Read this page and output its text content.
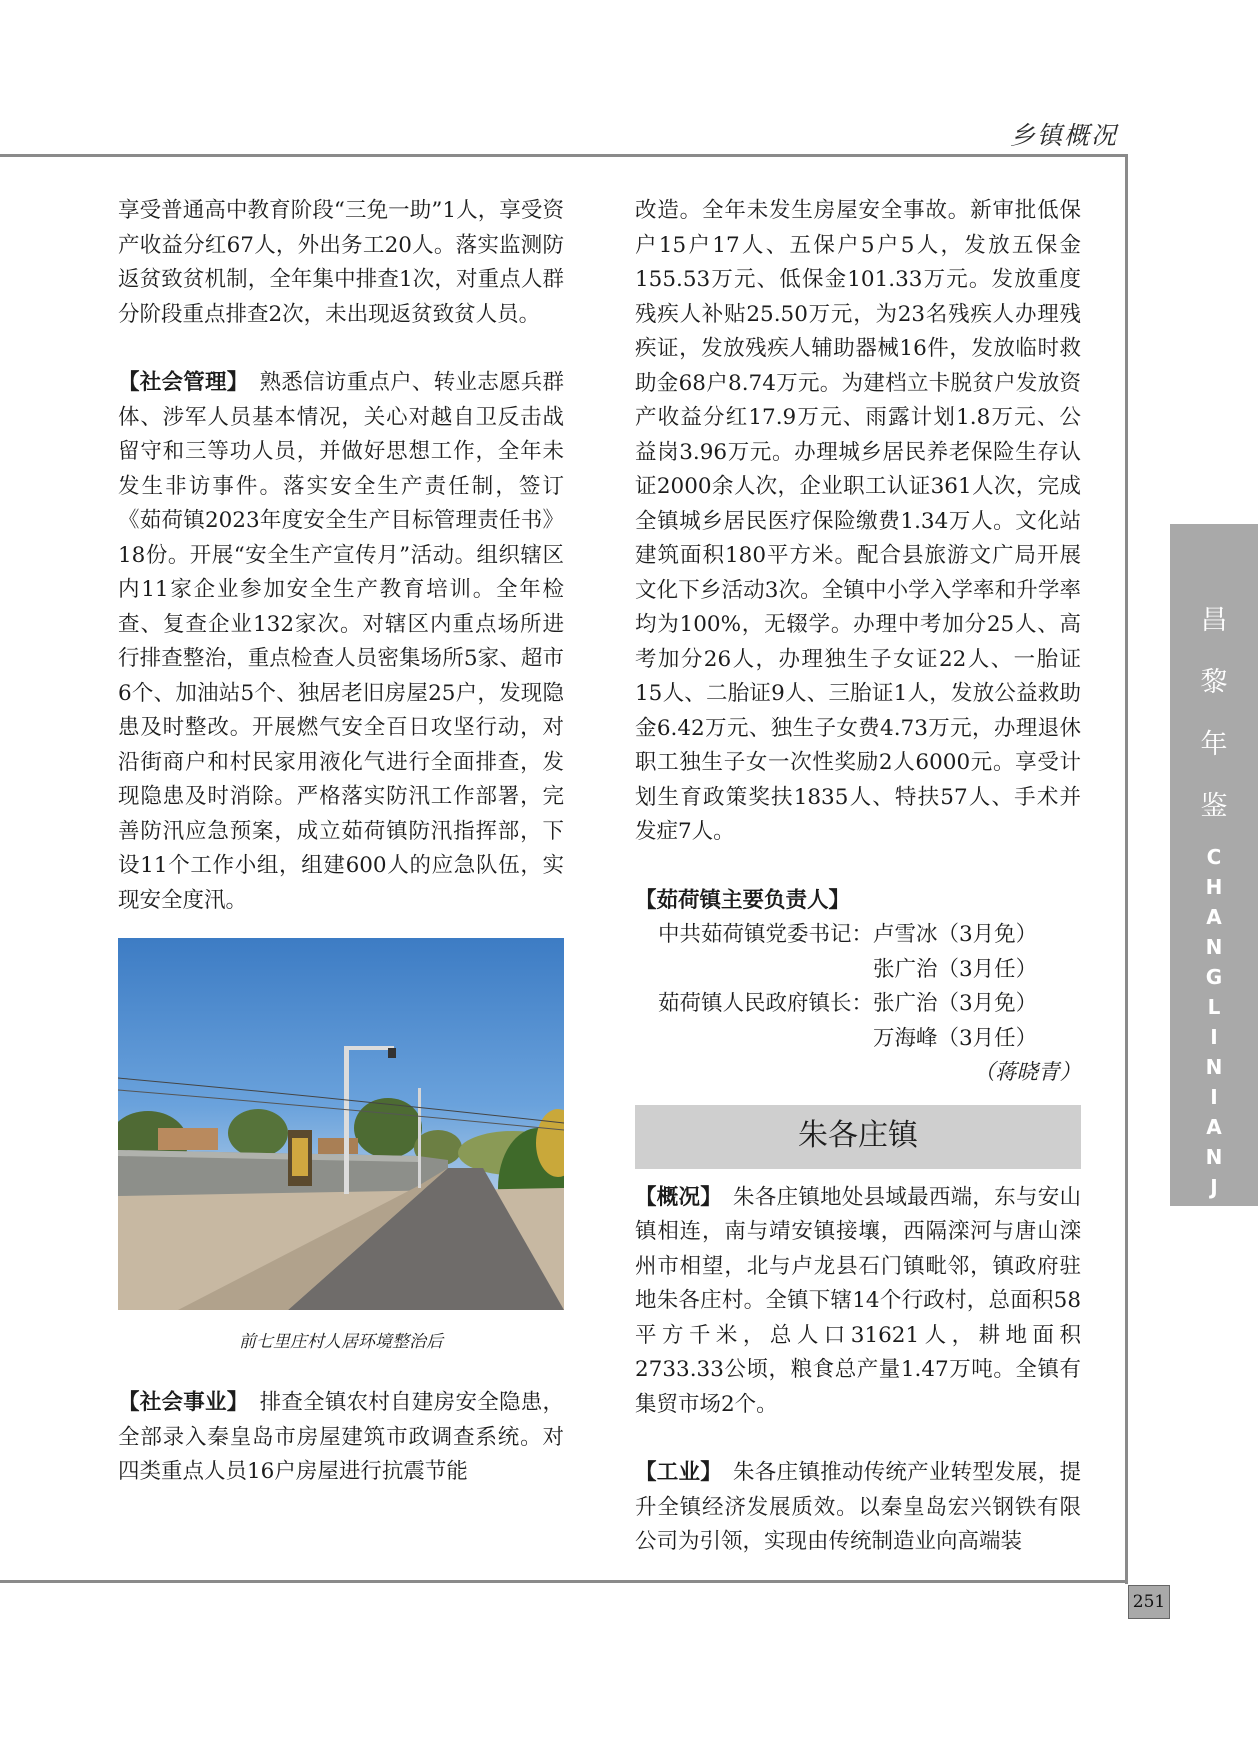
乡镇概况
昌
黎
年
鉴
C
H
A
N
G
L
I
N
I
A
N
J
I
A
N

享受普通高中教育阶段“三免一助”1人，享受资产收益分红67人，外出务工20人。落实监测防返贫致贫机制，全年集中排查1次，对重点人群分阶段重点排查2次，未出现返贫致贫人员。

【社会管理】　熟悉信访重点户、转业志愿兵群体、涉军人员基本情况，关心对越自卫反击战留守和三等功人员，并做好思想工作，全年未发生非访事件。落实安全生产责任制，签订《茹荷镇2023年度安全生产目标管理责任书》18份。开展“安全生产宣传月”活动。组织辖区内11家企业参加安全生产教育培训。全年检查、复查企业132家次。对辖区内重点场所进行排查整治，重点检查人员密集场所5家、超市6个、加油站5个、独居老旧房屋25户，发现隐患及时整改。开展燃气安全百日攻坚行动，对沿街商户和村民家用液化气进行全面排查，发现隐患及时消除。严格落实防汛工作部署，完善防汛应急预案，成立茹荷镇防汛指挥部，下设11个工作小组，组建600人的应急队伍，实现安全度汛。

前七里庄村人居环境整治后

【社会事业】　排查全镇农村自建房安全隐患，全部录入秦皇岛市房屋建筑市政调查系统。对四类重点人员16户房屋进行抗震节能

改造。全年未发生房屋安全事故。新审批低保户15户17人、五保户5户5人，发放五保金155.53万元、低保金101.33万元。发放重度残疾人补贴25.50万元，为23名残疾人办理残疾证，发放残疾人辅助器械16件，发放临时救助金68户8.74万元。为建档立卡脱贫户发放资产收益分红17.9万元、雨露计划1.8万元、公益岗3.96万元。办理城乡居民养老保险生存认证2000余人次，企业职工认证361人次，完成全镇城乡居民医疗保险缴费1.34万人。文化站建筑面积180平方米。配合县旅游文广局开展文化下乡活动3次。全镇中小学入学率和升学率均为100%，无辍学。办理中考加分25人、高考加分26人，办理独生子女证22人、一胎证15人、二胎证9人、三胎证1人，发放公益救助金6.42万元、独生子女费4.73万元，办理退休职工独生子女一次性奖励2人6000元。享受计划生育政策奖扶1835人、特扶57人、手术并发症7人。

【茹荷镇主要负责人】
中共茹荷镇党委书记： 卢雪冰（3月免）
张广治（3月任）
茹荷镇人民政府镇长： 张广治（3月免）
万海峰（3月任）
（蒋晓青）
朱各庄镇

【概况】　朱各庄镇地处县域最西端，东与安山镇相连，南与靖安镇接壤，西隔滦河与唐山滦州市相望，北与卢龙县石门镇毗邻，镇政府驻地朱各庄村。全镇下辖14个行政村，总面积58平方千米，总人口31621人，耕地面积2733.33公顷，粮食总产量1.47万吨。全镇有集贸市场2个。

【工业】　朱各庄镇推动传统产业转型发展，提升全镇经济发展质效。以秦皇岛宏兴钢铁有限公司为引领，实现由传统制造业向高端装

251
